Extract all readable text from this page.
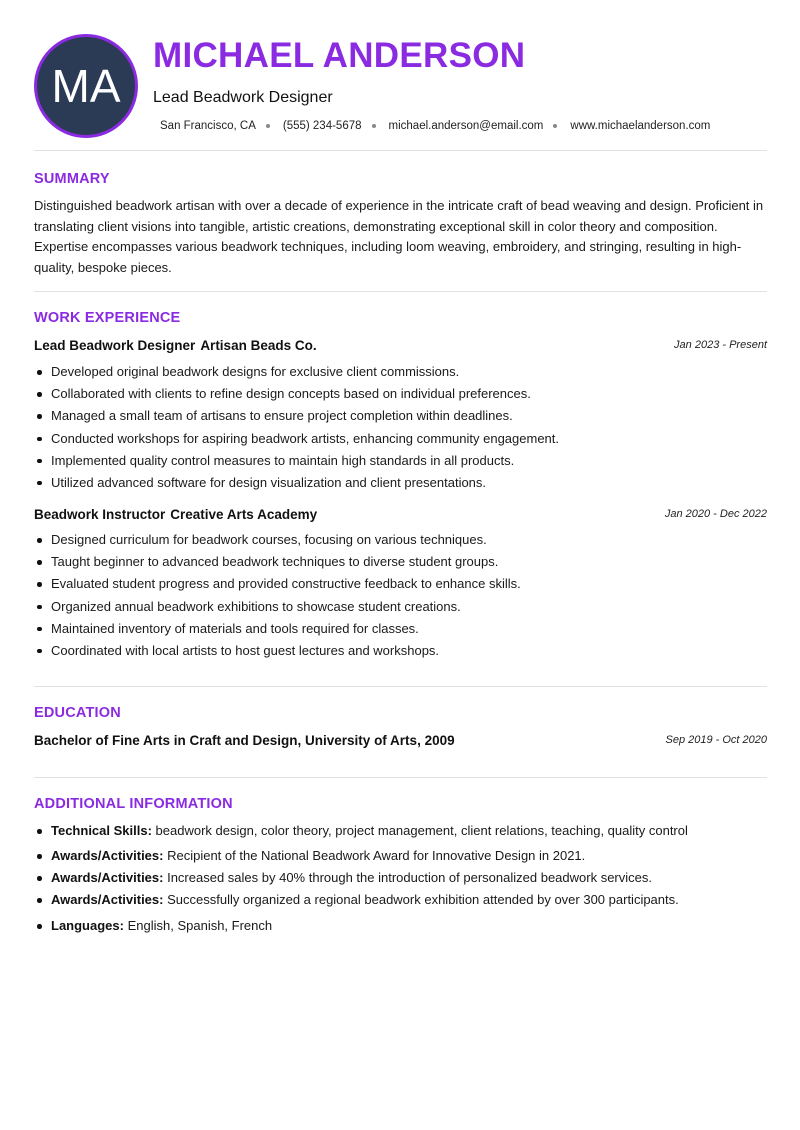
MA
MICHAEL ANDERSON
Lead Beadwork Designer
San Francisco, CA (555) 234-5678 michael.anderson@email.com www.michaelanderson.com
SUMMARY

Distinguished beadwork artisan with over a decade of experience in the intricate craft of bead weaving and design. Proficient in translating client visions into tangible, artistic creations, demonstrating exceptional skill in color theory and composition. Expertise encompasses various beadwork techniques, including loom weaving, embroidery, and stringing, resulting in high-quality, bespoke pieces.

WORK EXPERIENCE
Lead Beadwork Designer Artisan Beads Co.	Jan 2023 - Present
Developed original beadwork designs for exclusive client commissions.
Collaborated with clients to refine design concepts based on individual preferences.
Managed a small team of artisans to ensure project completion within deadlines.
Conducted workshops for aspiring beadwork artists, enhancing community engagement.
Implemented quality control measures to maintain high standards in all products.
Utilized advanced software for design visualization and client presentations.
Beadwork Instructor Creative Arts Academy	Jan 2020 - Dec 2022
Designed curriculum for beadwork courses, focusing on various techniques.
Taught beginner to advanced beadwork techniques to diverse student groups.
Evaluated student progress and provided constructive feedback to enhance skills.
Organized annual beadwork exhibitions to showcase student creations.
Maintained inventory of materials and tools required for classes.
Coordinated with local artists to host guest lectures and workshops.
EDUCATION
Bachelor of Fine Arts in Craft and Design, University of Arts, 2009	Sep 2019 - Oct 2020
ADDITIONAL INFORMATION
Technical Skills: beadwork design, color theory, project management, client relations, teaching, quality control
Awards/Activities: Recipient of the National Beadwork Award for Innovative Design in 2021.
Awards/Activities: Increased sales by 40% through the introduction of personalized beadwork services.
Awards/Activities: Successfully organized a regional beadwork exhibition attended by over 300 participants.
Languages: English, Spanish, French
